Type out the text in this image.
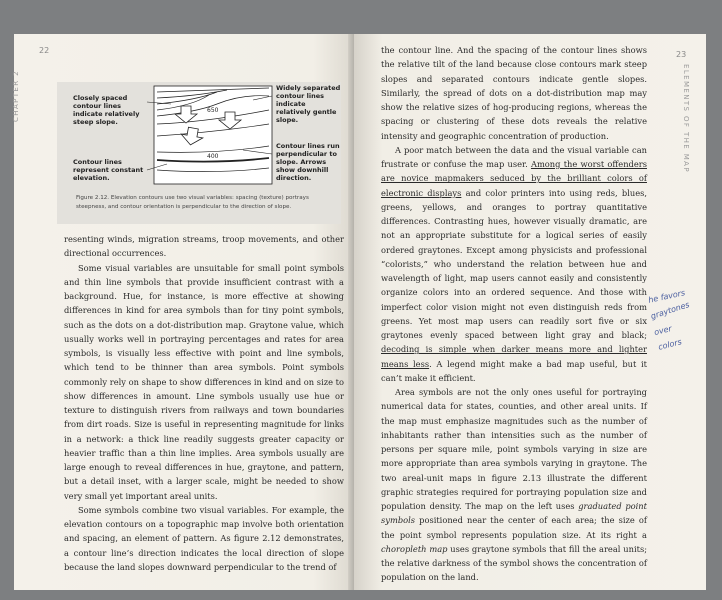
22
CHAPTER 2	650
400
Closely spaced contour lines indicate relatively steep slope.
Widely separated contour lines indicate relatively gentle slope.
Contour lines represent constant elevation.
Contour lines run perpendicular to slope. Arrows show downhill direction.
Figure 2.12. Elevation contours use two visual variables: spacing (texture) portrays steepness, and contour orientation is perpendicular to the direction of slope.

resenting winds, migration streams, troop movements, and other directional occurrences.

Some visual variables are unsuitable for small point symbols and thin line symbols that provide insufficient contrast with a background. Hue, for instance, is more effective at showing differences in kind for area symbols than for tiny point symbols, such as the dots on a dot-distribution map. Graytone value, which usually works well in portraying percentages and rates for area symbols, is visually less effective with point and line symbols, which tend to be thinner than area symbols. Point symbols commonly rely on shape to show differences in kind and on size to show differences in amount. Line symbols usually use hue or texture to distinguish rivers from railways and town boundaries from dirt roads. Size is useful in representing magnitude for links in a network: a thick line readily suggests greater capacity or heavier traffic than a thin line implies. Area symbols usually are large enough to reveal differences in hue, graytone, and pattern, but a detail inset, with a larger scale, might be needed to show very small yet important areal units.

Some symbols combine two visual variables. For example, the elevation contours on a topographic map involve both orientation and spacing, an element of pattern. As figure 2.12 demonstrates, a contour line’s direction indicates the local direction of slope because the land slopes downward perpendicular to the trend of

23
ELEMENTS OF THE MAP

the contour line. And the spacing of the contour lines shows the relative tilt of the land because close contours mark steep slopes and separated contours indicate gentle slopes. Similarly, the spread of dots on a dot-distribution map may show the relative sizes of hog-producing regions, whereas the spacing or clustering of these dots reveals the relative intensity and geographic concentration of production.

A poor match between the data and the visual variable can frustrate or confuse the map user. Among the worst offenders are novice mapmakers seduced by the brilliant colors of electronic displays and color printers into using reds, blues, greens, yellows, and oranges to portray quantitative differences. Contrasting hues, however visually dramatic, are not an appropriate substitute for a logical series of easily ordered graytones. Except among physicists and professional “colorists,” who understand the relation between hue and wavelength of light, map users cannot easily and consistently organize colors into an ordered sequence. And those with imperfect color vision might not even distinguish reds from greens. Yet most map users can readily sort five or six graytones evenly spaced between light gray and black; decoding is simple when darker means more and lighter means less. A legend might make a bad map useful, but it can’t make it efficient.

Area symbols are not the only ones useful for portraying numerical data for states, counties, and other areal units. If the map must emphasize magnitudes such as the number of inhabitants rather than intensities such as the number of persons per square mile, point symbols varying in size are more appropriate than area symbols varying in graytone. The two areal-unit maps in figure 2.13 illustrate the different graphic strategies required for portraying population size and population density. The map on the left uses graduated point symbols positioned near the center of each area; the size of the point symbol represents population size. At its right a choropleth map uses graytone symbols that fill the areal units; the relative darkness of the symbol shows the concentration of population on the land.

he favors
graytones
over
colors
